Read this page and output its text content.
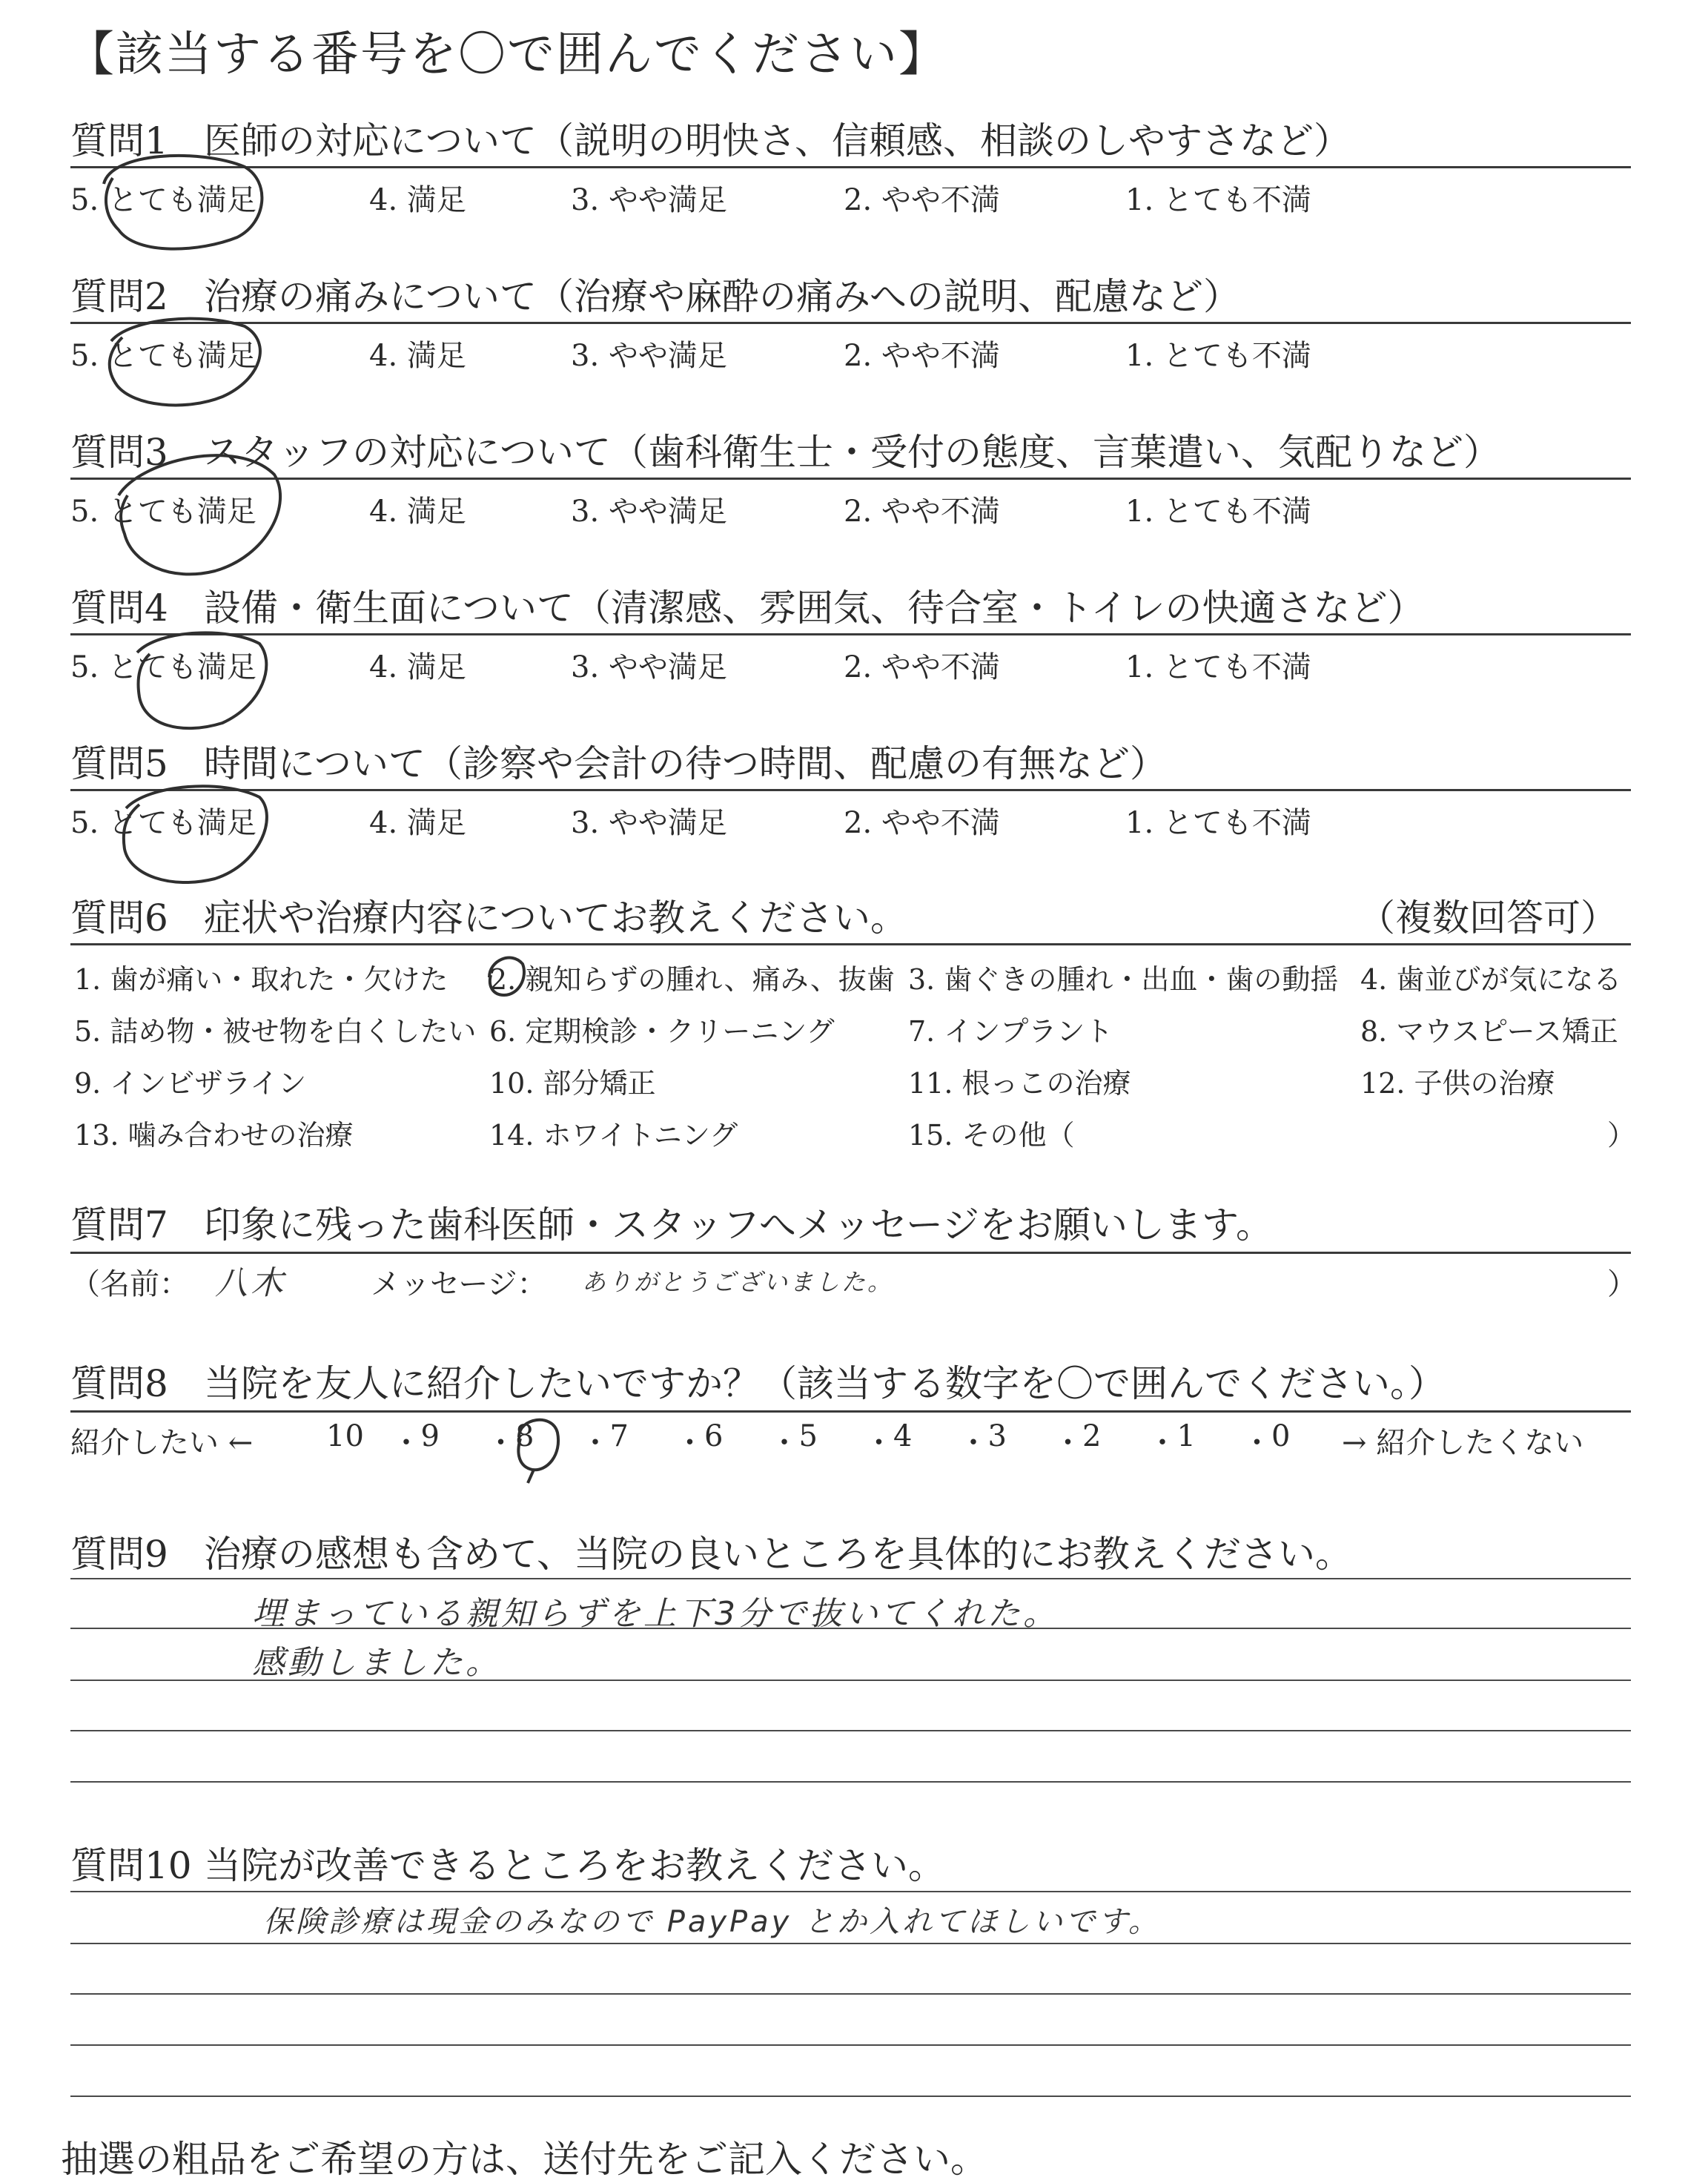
【該当する番号を〇で囲んでください】
質問1 医師の対応について（説明の明快さ、信頼感、相談のしやすさなど）
5. とても満足	4. 満足	3. やや満足	2. やや不満	1. とても不満
質問2 治療の痛みについて（治療や麻酔の痛みへの説明、配慮など）
5. とても満足	4. 満足	3. やや満足	2. やや不満	1. とても不満
質問3 スタッフの対応について（歯科衛生士・受付の態度、言葉遣い、気配りなど）
5. とても満足	4. 満足	3. やや満足	2. やや不満	1. とても不満
質問4 設備・衛生面について（清潔感、雰囲気、待合室・トイレの快適さなど）
5. とても満足	4. 満足	3. やや満足	2. やや不満	1. とても不満
質問5 時間について（診察や会計の待つ時間、配慮の有無など）
5. とても満足	4. 満足	3. やや満足	2. やや不満	1. とても不満
質問6 症状や治療内容についてお教えください。	（複数回答可）
1. 歯が痛い・取れた・欠けた 2. 親知らずの腫れ、痛み、抜歯 3. 歯ぐきの腫れ・出血・歯の動揺 4. 歯並びが気になる
5. 詰め物・被せ物を白くしたい 6. 定期検診・クリーニング	7. インプラント	8. マウスピース矯正
9. インビザライン	10. 部分矯正	11. 根っこの治療	12. 子供の治療
13. 噛み合わせの治療	14. ホワイトニング	15. その他（	）
質問7 印象に残った歯科医師・スタッフへメッセージをお願いします。
（名前： 八木	メッセージ： ありがとうございました。	）
質問8 当院を友人に紹介したいですか？（該当する数字を〇で囲んでください。）
紹介したい ←	→ 紹介したくない
10 ・ 9 ・ 8 ・ 7 ・ 6 ・ 5 ・ 4 ・ 3 ・ 2 ・ 1 ・ 0
質問9 治療の感想も含めて、当院の良いところを具体的にお教えください。
埋まっている親知らずを上下3分で抜いてくれた。
感動しました。
質問10 当院が改善できるところをお教えください。
保険診療は現金のみなので PayPay とか入れてほしいです。
抽選の粗品をご希望の方は、送付先をご記入ください。
